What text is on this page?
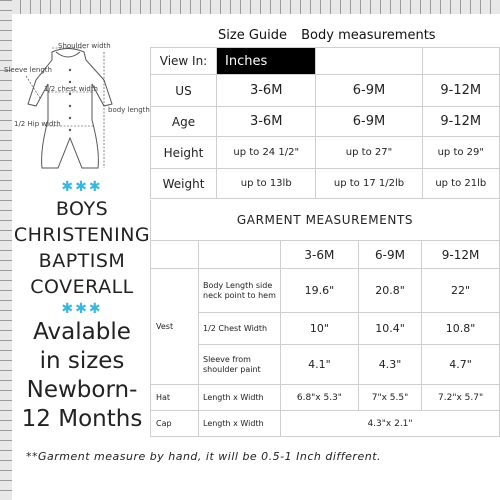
Shoulder width
Sleeve length
1/2 chest width
body length
1/2 Hip width
✱✱✱
BOYS
CHRISTENING
BAPTISM
COVERALL
✱✱✱
Avalable
in sizes
Newborn-
12 Months
Size Guide Body measurements
View In:	Inches		
US	3-6M	6-9M	9-12M
Age	3-6M	6-9M	9-12M
Height	up to 24 1/2"	up to 27"	up to 29"
Weight	up to 13lb	up to 17 1/2lb	up to 21lb
GARMENT MEASUREMENTS
		3-6M	6-9M	9-12M
Vest	Body Length side neck point to hem	19.6"	20.8"	22"
	1/2 Chest Width	10"	10.4"	10.8"
	Sleeve from shoulder paint	4.1"	4.3"	4.7"
Hat	Length x Width	6.8"x 5.3"	7"x 5.5"	7.2"x 5.7"
Cap	Length x Width	4.3"x 2.1"		
**Garment measure by hand, it will be 0.5-1 Inch different.
